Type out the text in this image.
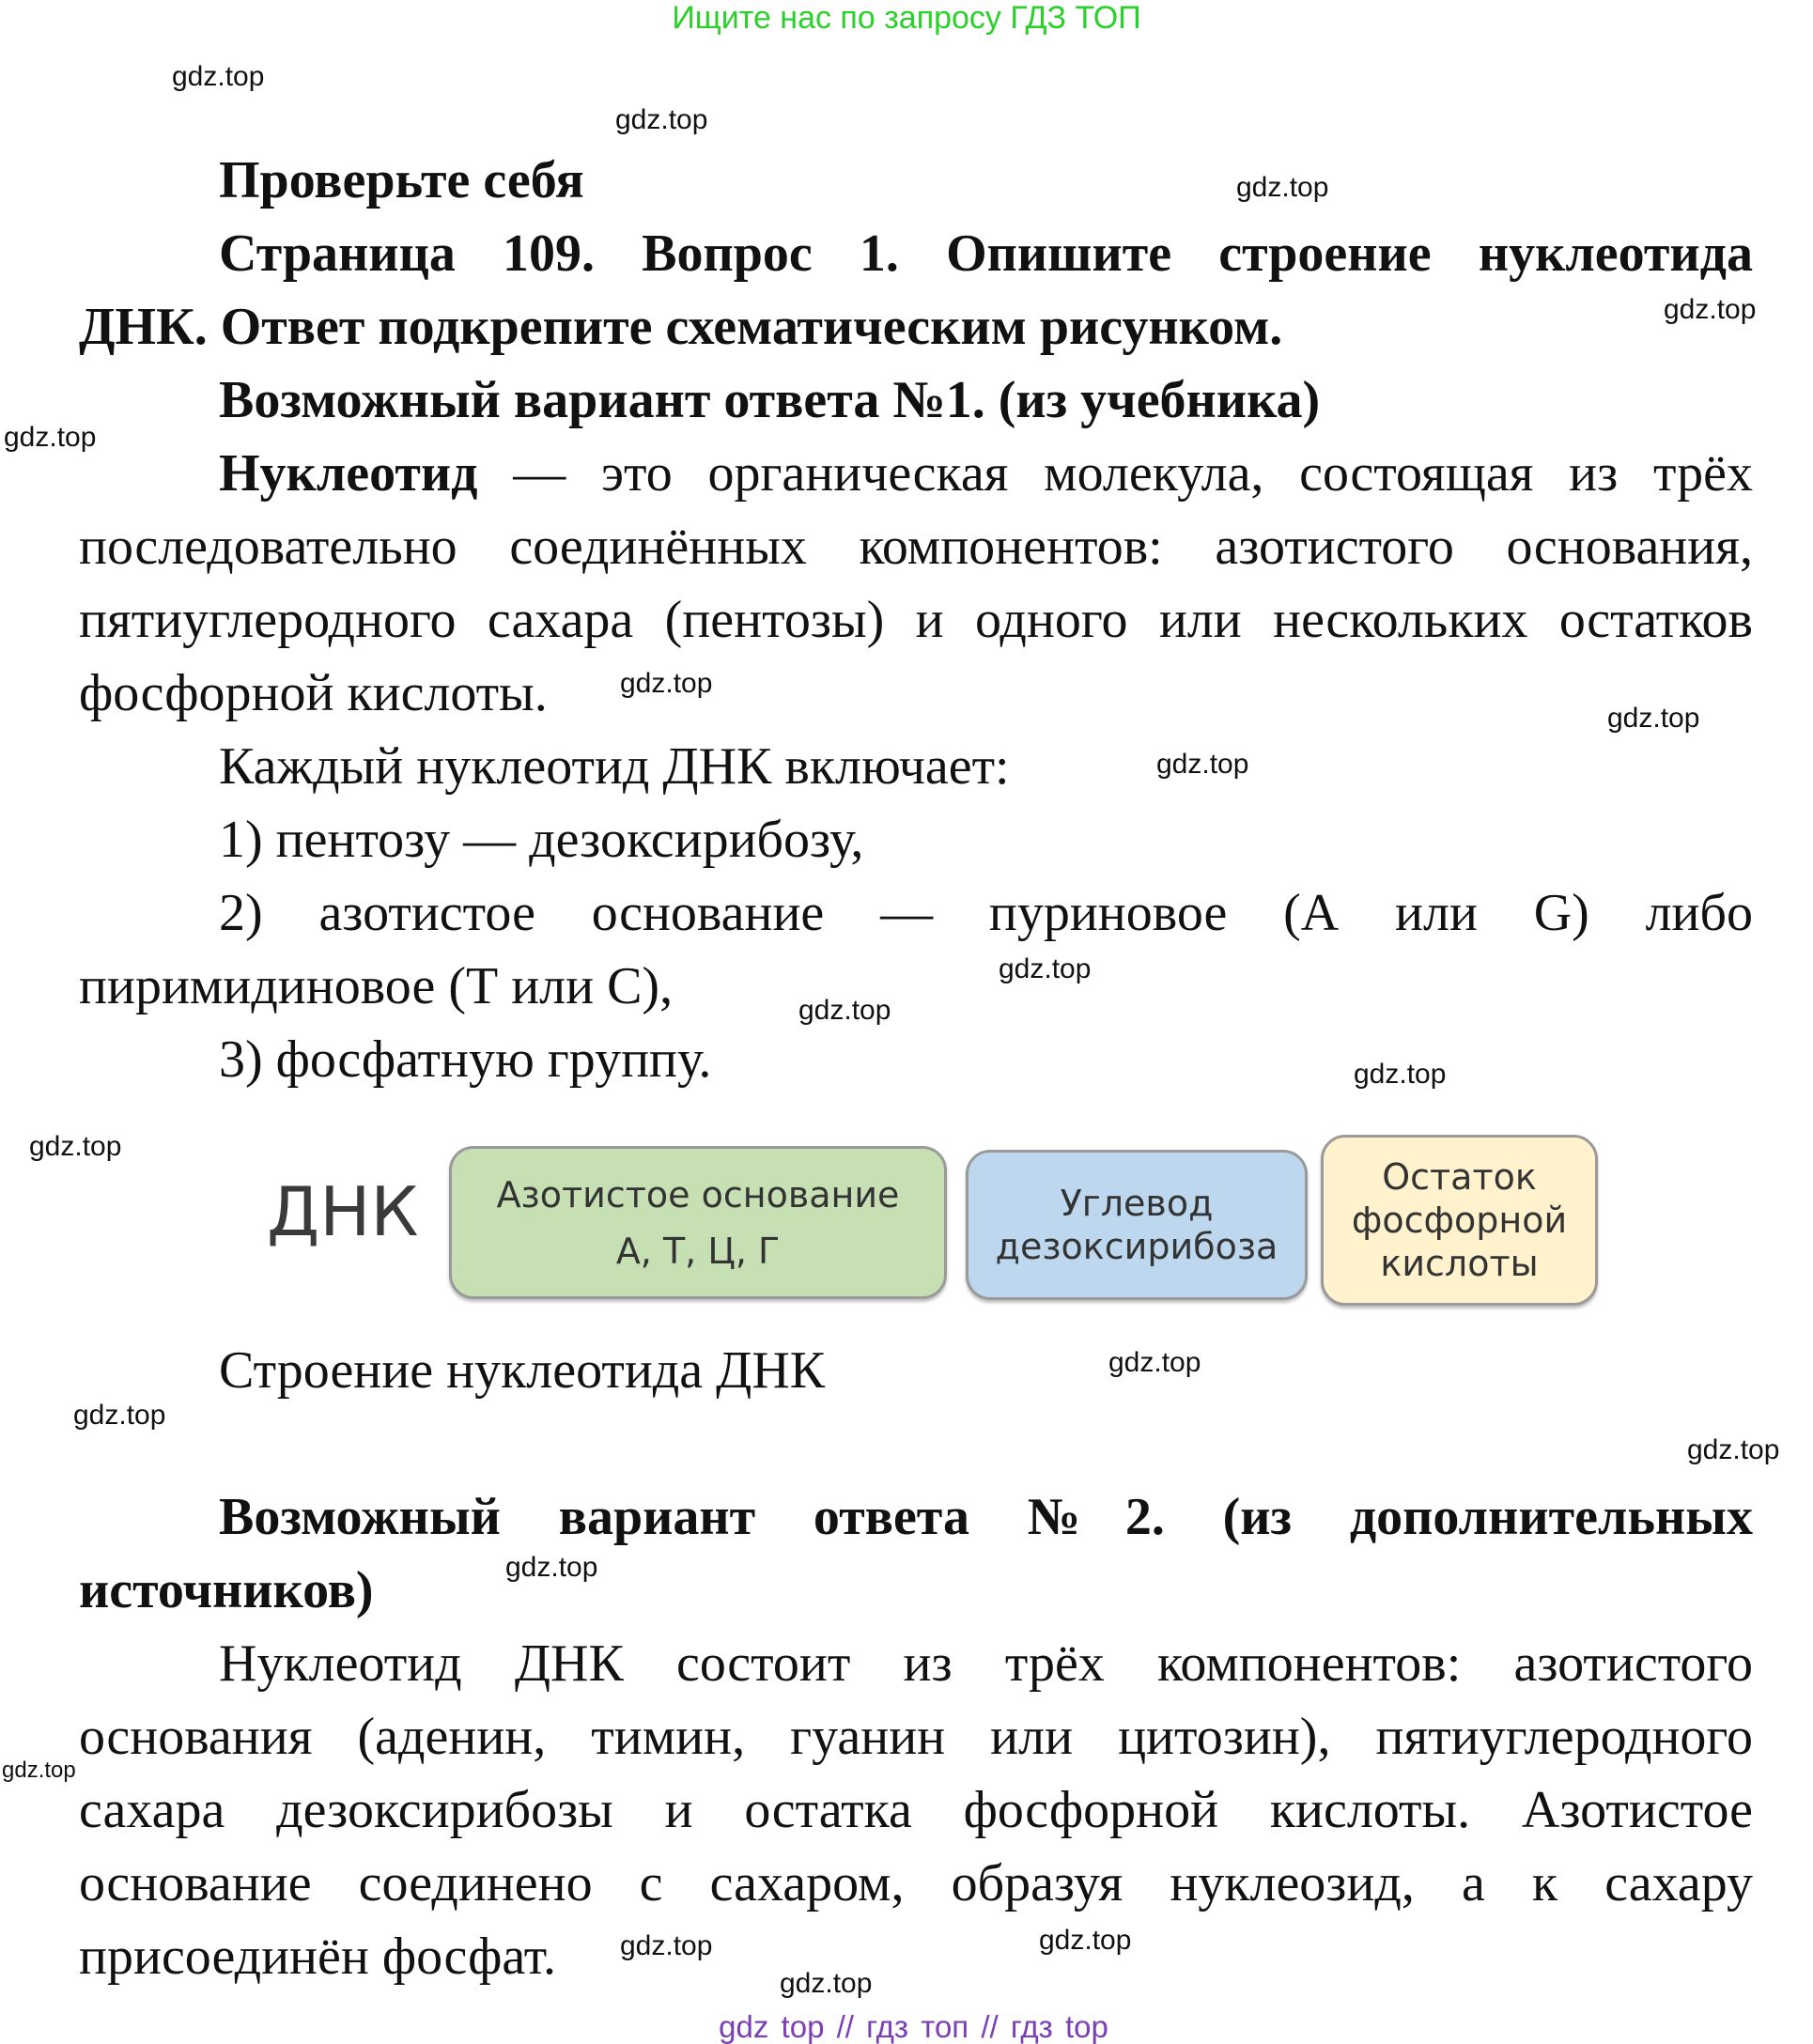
Ищите нас по запросу ГДЗ ТОП
Проверьте себя
Страница 109. Вопрос 1. Опишите строение нуклеотида
ДНК. Ответ подкрепите схематическим рисунком.
Возможный вариант ответа №1. (из учебника)
Нуклеотид — это органическая молекула, состоящая из трёх
последовательно соединённых компонентов: азотистого основания,
пятиуглеродного сахара (пентозы) и одного или нескольких остатков
фосфорной кислоты.
Каждый нуклеотид ДНК включает:
1) пентозу — дезоксирибозу,
2) азотистое основание — пуриновое (А или G) либо
пиримидиновое (Т или С),
3) фосфатную группу.
ДНК Азотистое основание
А, Т, Ц, Г
Углевод
дезоксирибоза
Остаток
фосфорной
кислоты
Строение нуклеотида ДНК
Возможный вариант ответа №2. (из дополнительных
источников)
Нуклеотид ДНК состоит из трёх компонентов: азотистого
основания (аденин, тимин, гуанин или цитозин), пятиуглеродного
сахара дезоксирибозы и остатка фосфорной кислоты. Азотистое
основание соединено с сахаром, образуя нуклеозид, а к сахару
присоединён фосфат.
gdz.top
gdz.top
gdz.top
gdz.top
gdz.top
gdz.top
gdz.top
gdz.top
gdz.top
gdz.top
gdz.top
gdz.top
gdz.top
gdz.top
gdz.top
gdz.top
gdz.top
gdz.top	gdz.top
gdz.top
gdz top // гдз топ // гдз top
